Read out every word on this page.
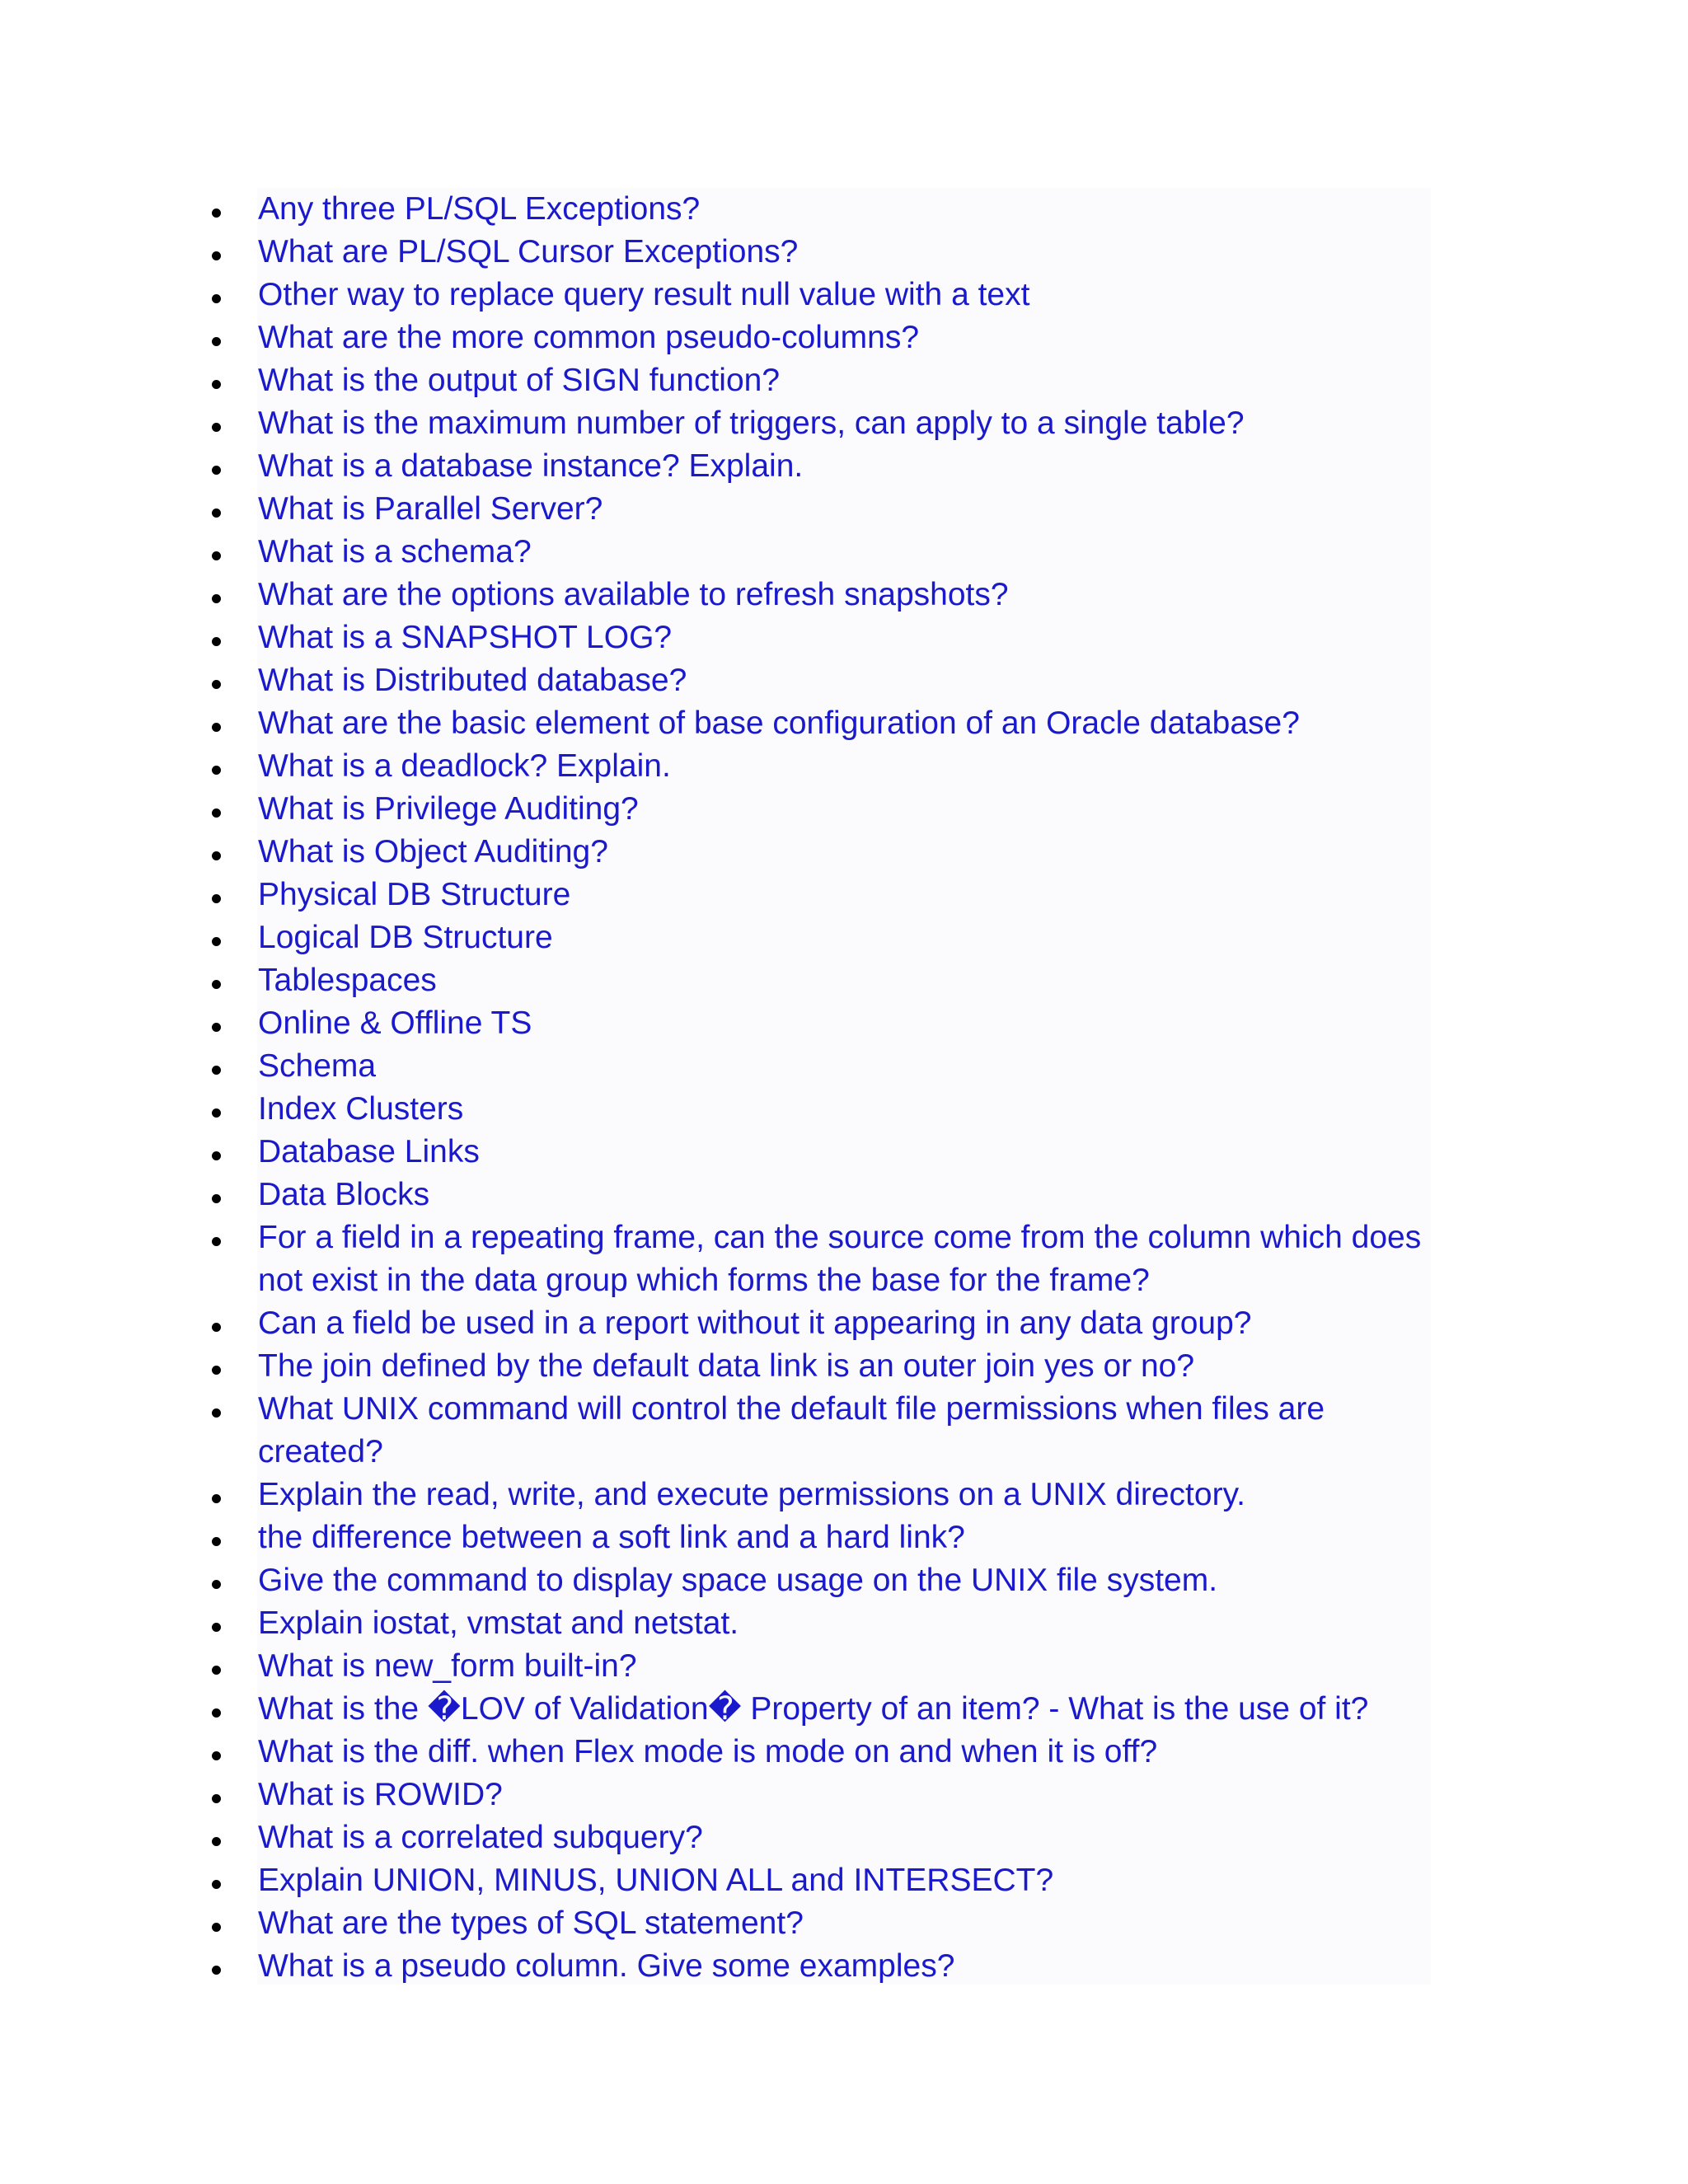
Any three PL/SQL Exceptions?
What are PL/SQL Cursor Exceptions?
Other way to replace query result null value with a text
What are the more common pseudo-columns?
What is the output of SIGN function?
What is the maximum number of triggers, can apply to a single table?
What is a database instance? Explain.
What is Parallel Server?
What is a schema?
What are the options available to refresh snapshots?
What is a SNAPSHOT LOG?
What is Distributed database?
What are the basic element of base configuration of an Oracle database?
What is a deadlock? Explain.
What is Privilege Auditing?
What is Object Auditing?
Physical DB Structure
Logical DB Structure
Tablespaces
Online & Offline TS
Schema
Index Clusters
Database Links
Data Blocks
For a field in a repeating frame, can the source come from the column which does not exist in the data group which forms the base for the frame?
Can a field be used in a report without it appearing in any data group?
The join defined by the default data link is an outer join yes or no?
What UNIX command will control the default file permissions when files are created?
Explain the read, write, and execute permissions on a UNIX directory.
the difference between a soft link and a hard link?
Give the command to display space usage on the UNIX file system.
Explain iostat, vmstat and netstat.
What is new_form built-in?
What is the �LOV of Validation� Property of an item? - What is the use of it?
What is the diff. when Flex mode is mode on and when it is off?
What is ROWID?
What is a correlated subquery?
Explain UNION, MINUS, UNION ALL and INTERSECT?
What are the types of SQL statement?
What is a pseudo column. Give some examples?
